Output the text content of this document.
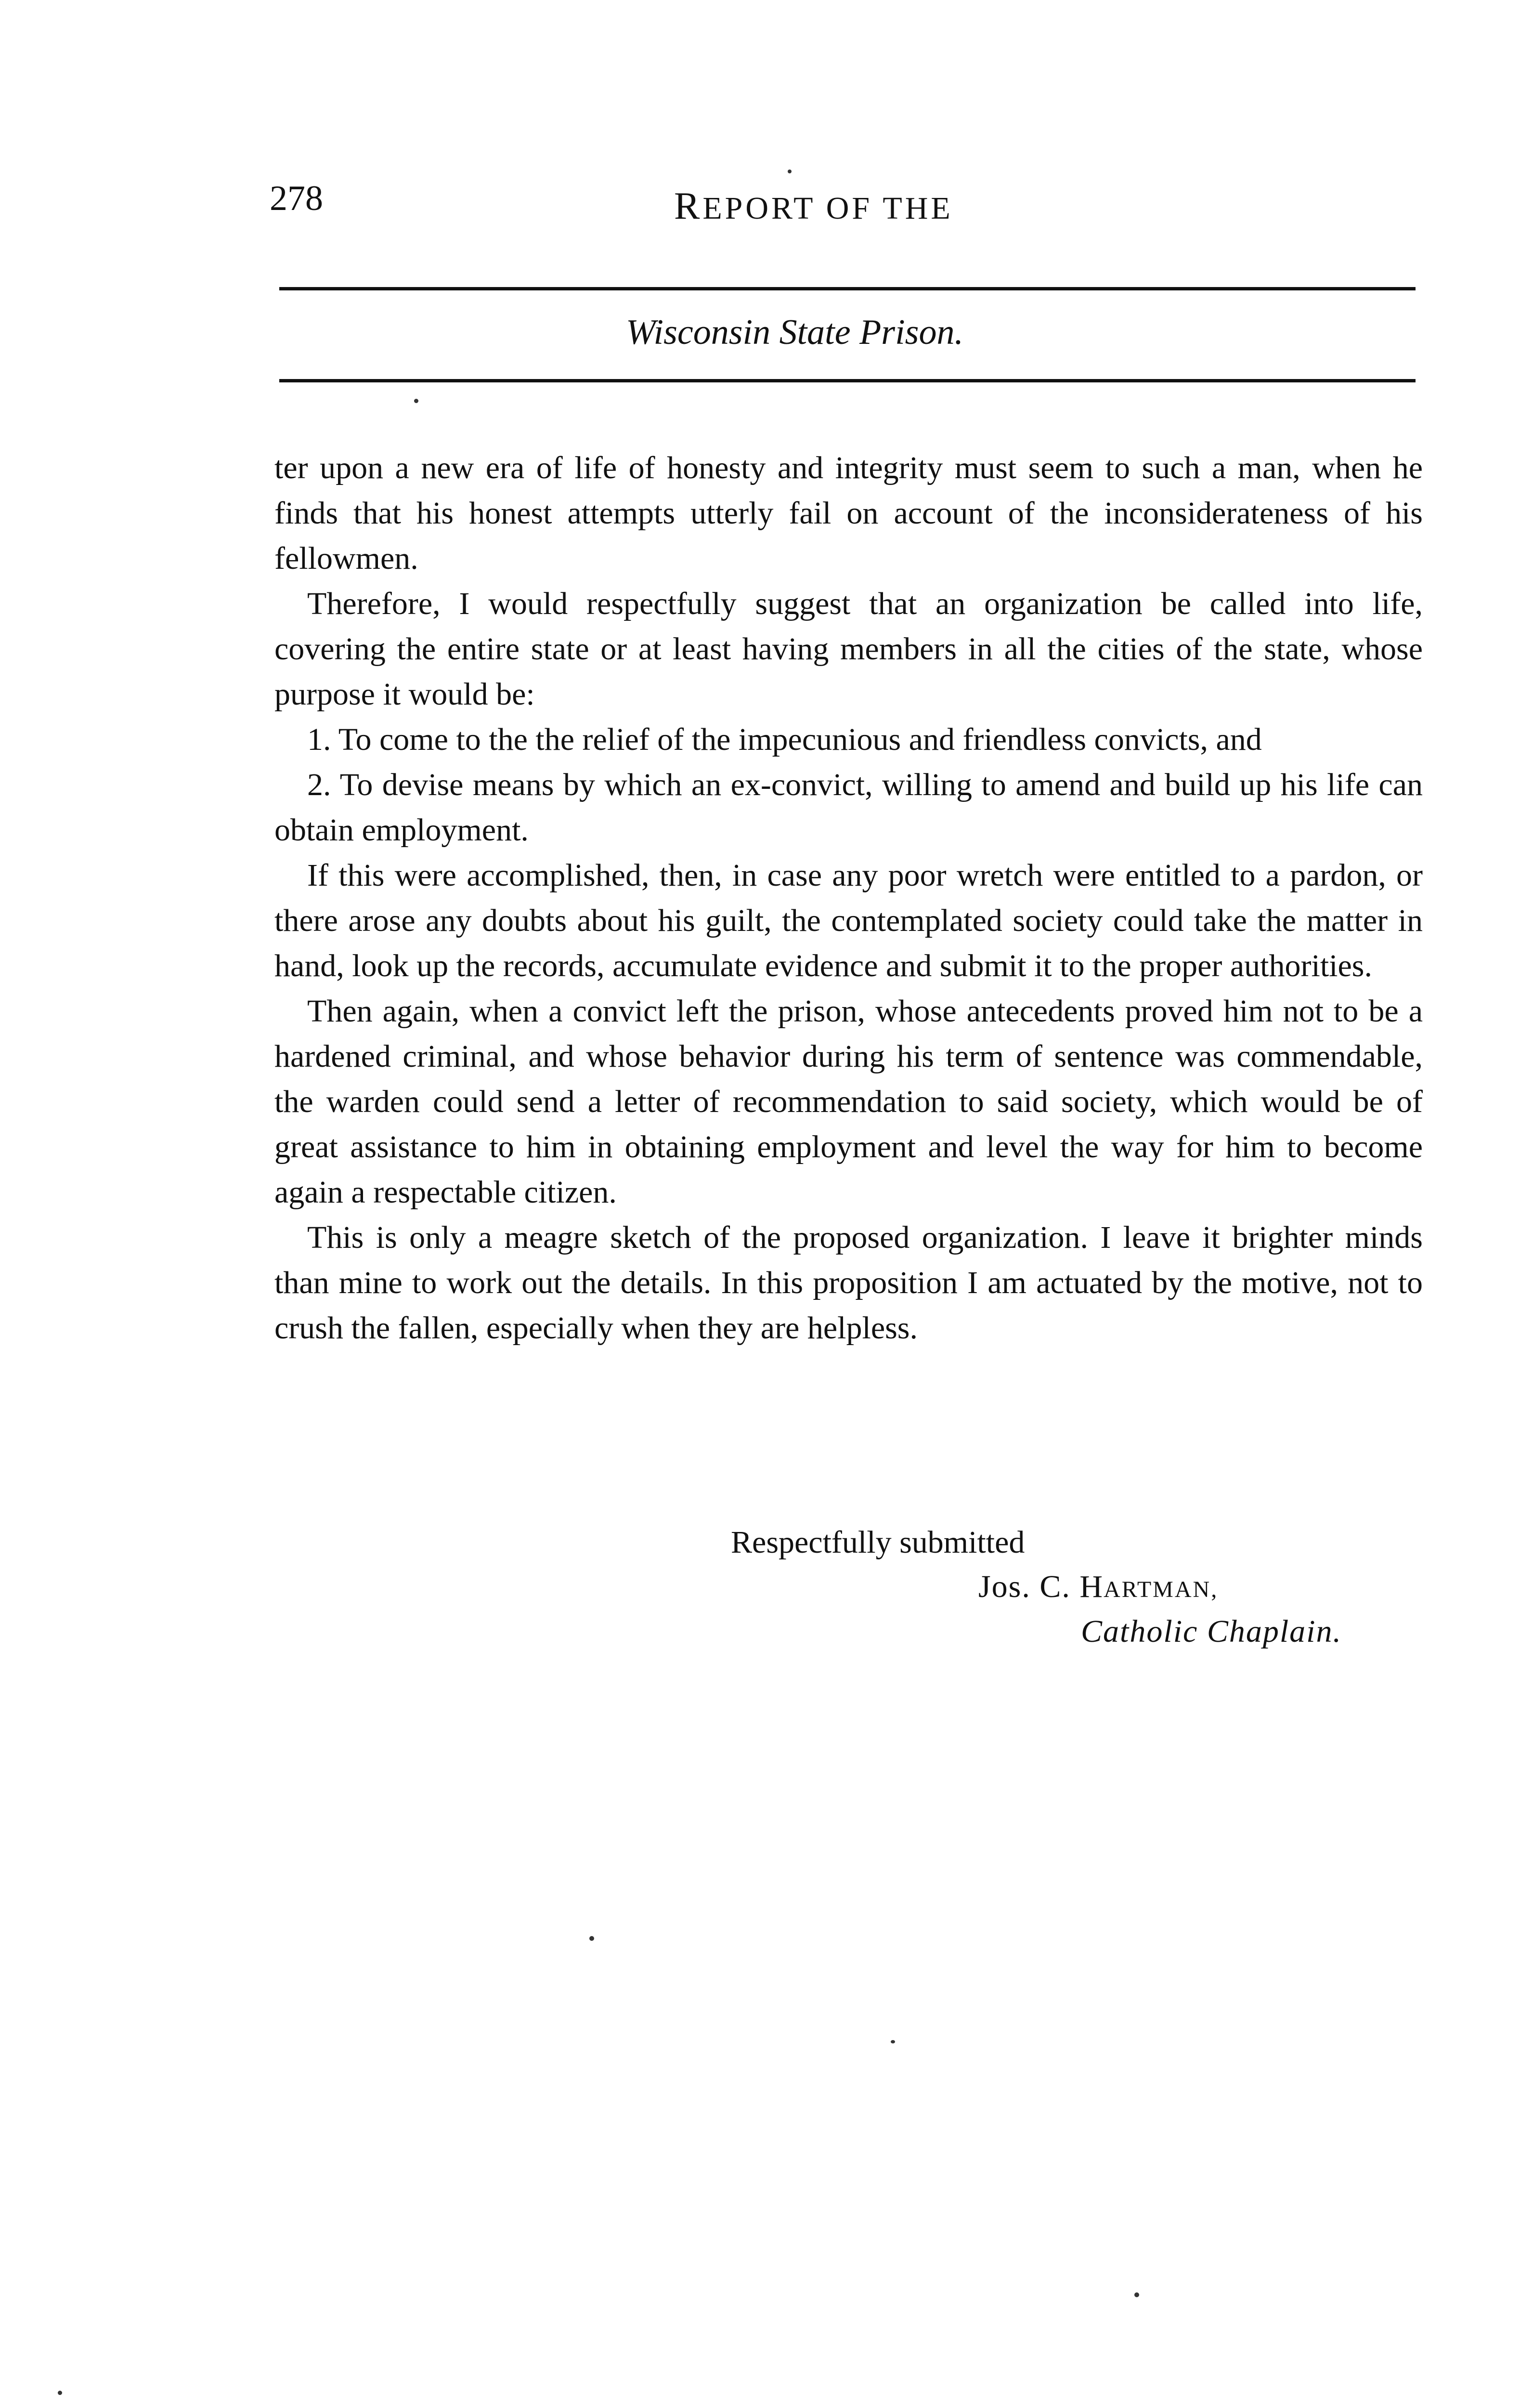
278	REPORT OF THE
Wisconsin State Prison.

ter upon a new era of life of honesty and integrity must seem to such a man, when he finds that his honest attempts utterly fail on account of the inconsiderateness of his fellowmen.

Therefore, I would respectfully suggest that an organization be called into life, covering the entire state or at least having members in all the cities of the state, whose purpose it would be:

1. To come to the the relief of the impecunious and friendless convicts, and

2. To devise means by which an ex-convict, willing to amend and build up his life can obtain employment.

If this were accomplished, then, in case any poor wretch were entitled to a pardon, or there arose any doubts about his guilt, the contemplated society could take the matter in hand, look up the records, accumulate evidence and submit it to the proper authorities.

Then again, when a convict left the prison, whose antecedents proved him not to be a hardened criminal, and whose behavior during his term of sentence was commendable, the warden could send a letter of recommendation to said society, which would be of great assistance to him in obtaining employment and level the way for him to become again a respectable citizen.

This is only a meagre sketch of the proposed organization. I leave it brighter minds than mine to work out the details. In this proposition I am actuated by the motive, not to crush the fallen, especially when they are helpless.

Respectfully submitted
Jos. C. HARTMAN,
Catholic Chaplain.
